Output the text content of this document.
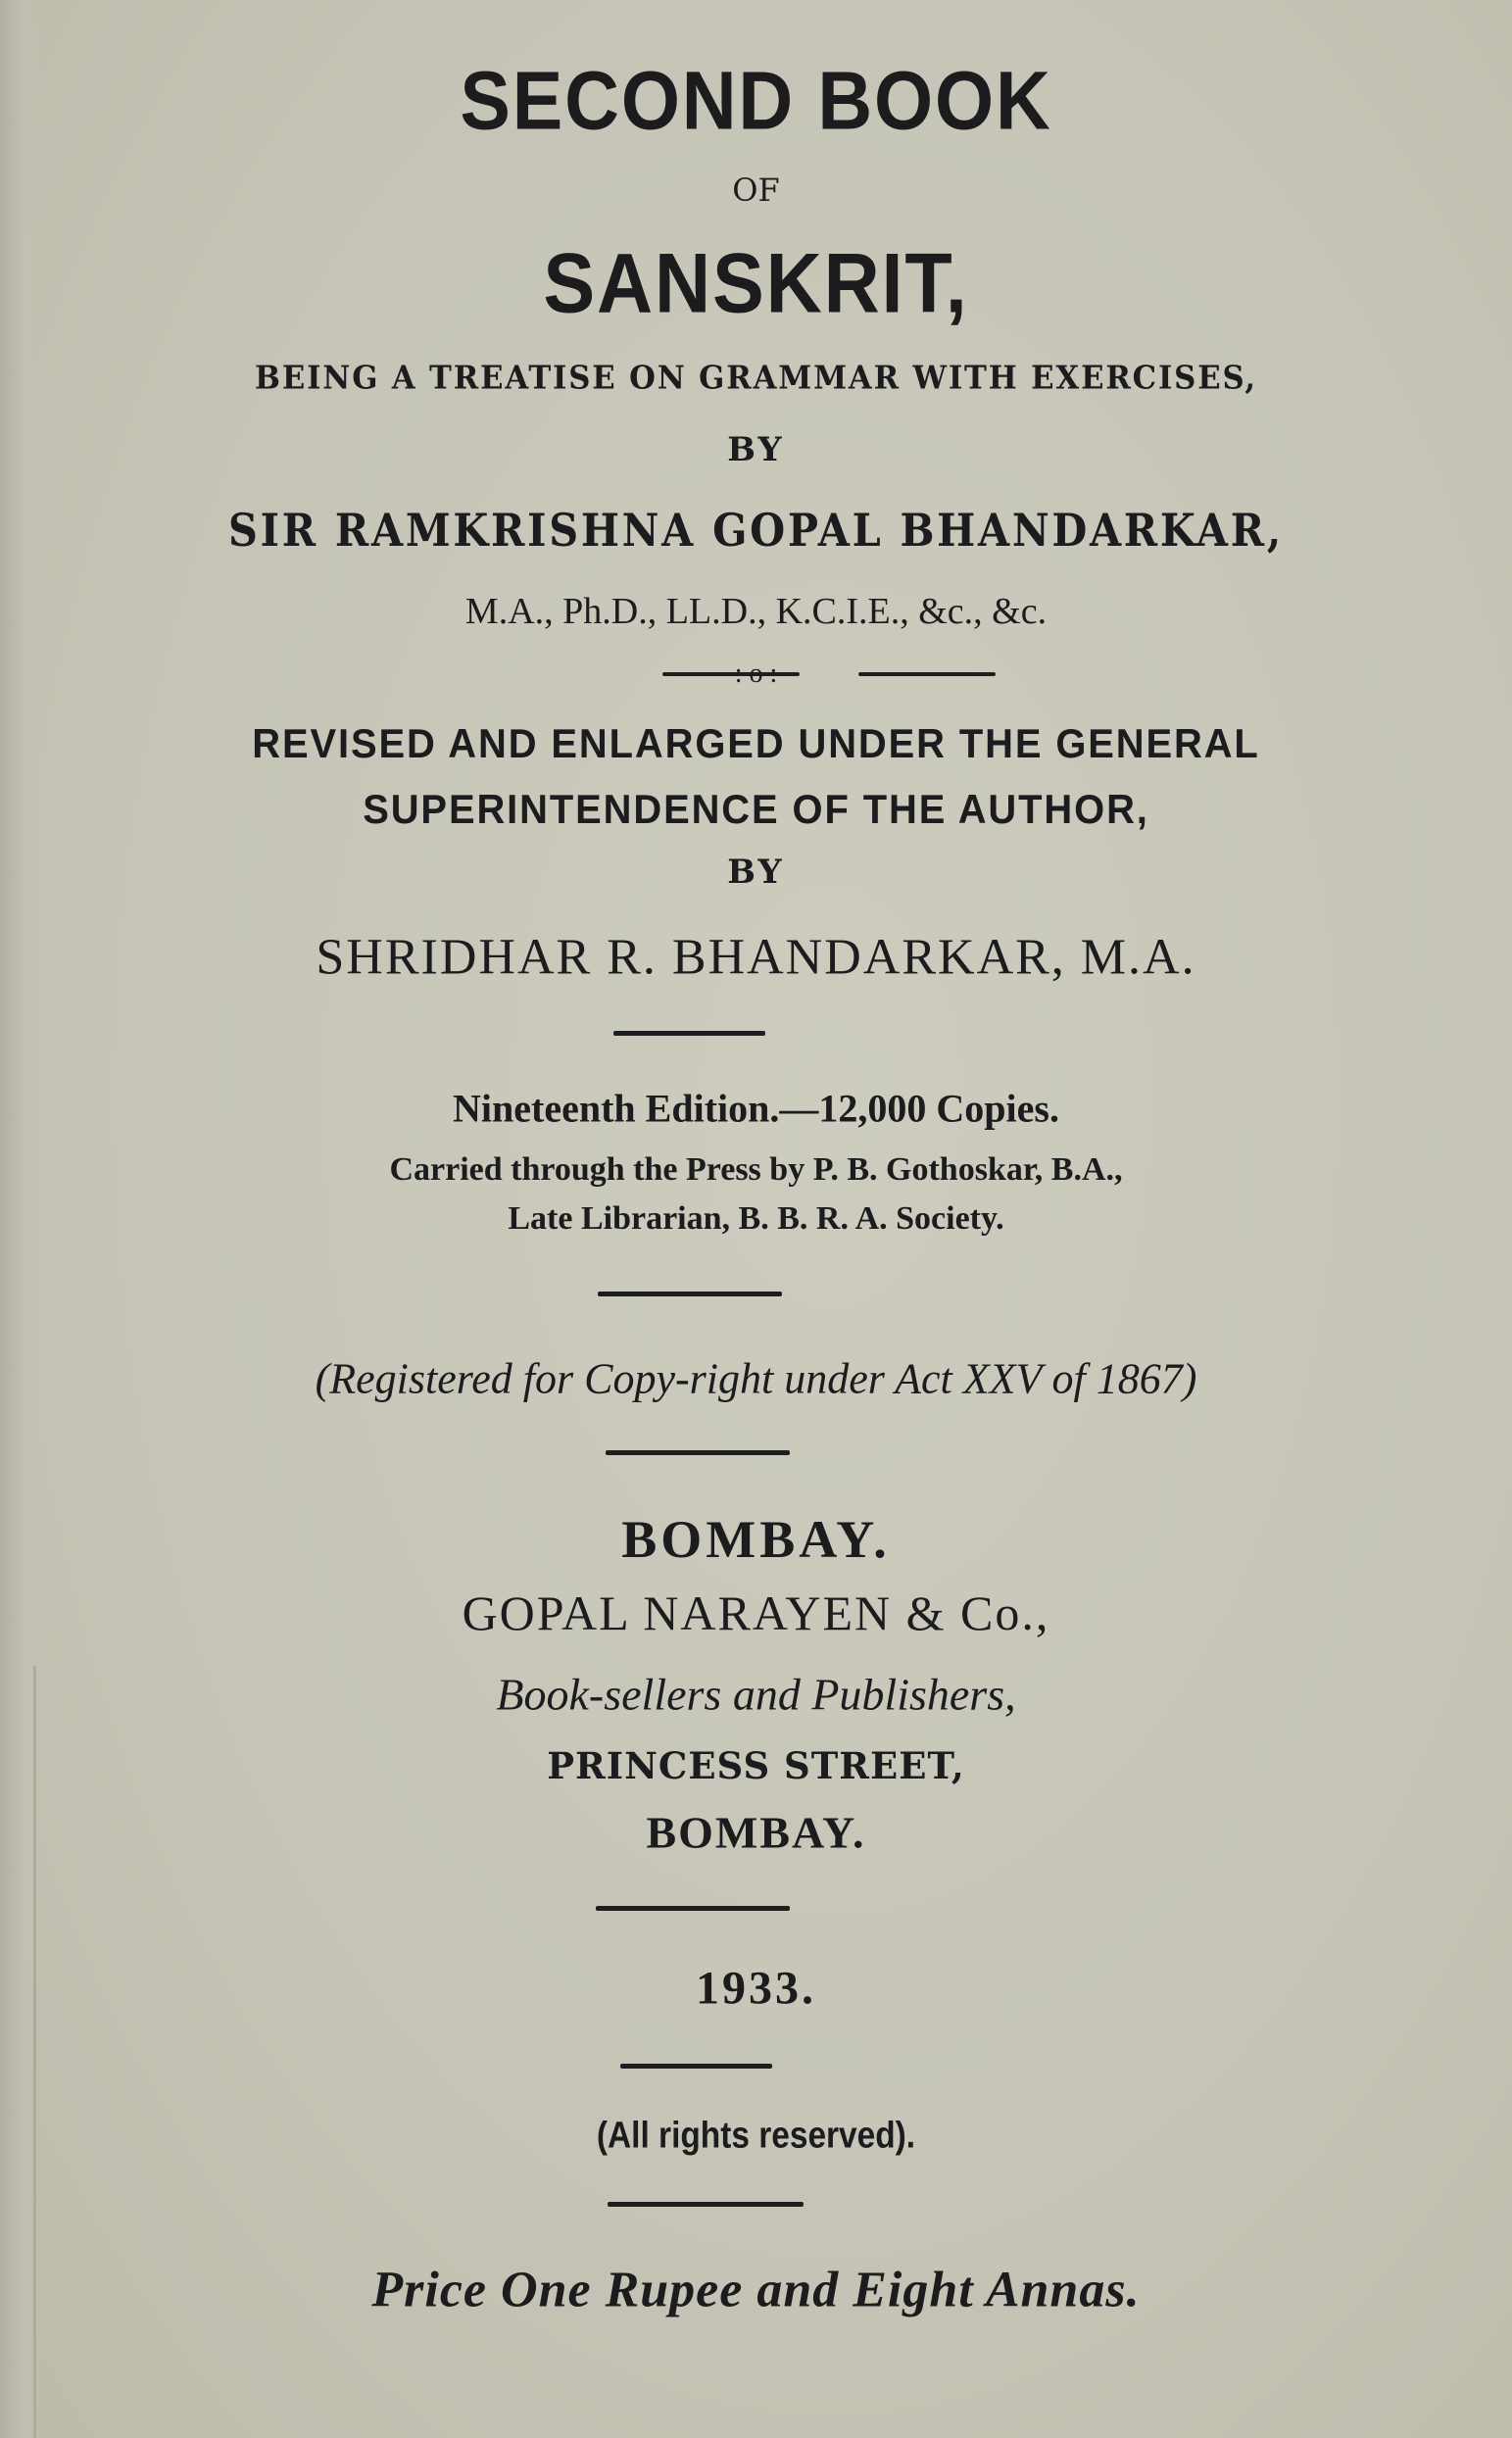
SECOND BOOK
OF
SANSKRIT,
BEING A TREATISE ON GRAMMAR WITH EXERCISES,
BY
SIR RAMKRISHNA GOPAL BHANDARKAR,
M.A., Ph.D., LL.D., K.C.I.E., &c., &c.
: o :
REVISED AND ENLARGED UNDER THE GENERAL
SUPERINTENDENCE OF THE AUTHOR,
BY
SHRIDHAR R. BHANDARKAR, M.A.
Nineteenth Edition.—12,000 Copies.
Carried through the Press by P. B. Gothoskar, B.A.,
Late Librarian, B. B. R. A. Society.
(Registered for Copy-right under Act XXV of 1867)
BOMBAY.
GOPAL NARAYEN & Co.,
Book-sellers and Publishers,
PRINCESS STREET,
BOMBAY.
1933.
(All rights reserved).
Price One Rupee and Eight Annas.
